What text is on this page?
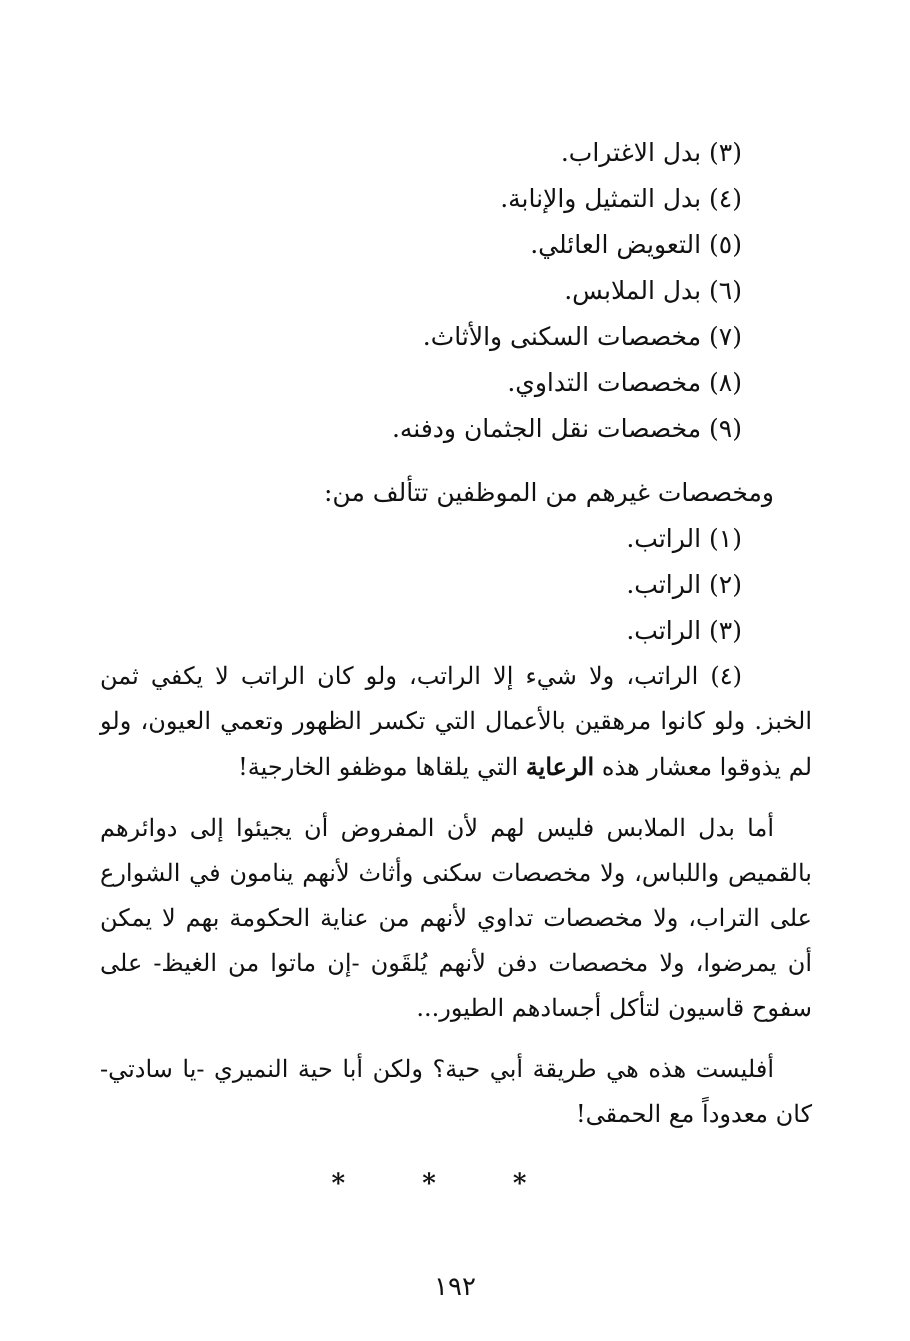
(٣) بدل الاغتراب.
(٤) بدل التمثيل والإنابة.
(٥) التعويض العائلي.
(٦) بدل الملابس.
(٧) مخصصات السكنى والأثاث.
(٨) مخصصات التداوي.
(٩) مخصصات نقل الجثمان ودفنه.
ومخصصات غيرهم من الموظفين تتألف من:
(١) الراتب.
(٢) الراتب.
(٣) الراتب.

(٤) الراتب، ولا شيء إلا الراتب، ولو كان الراتب لا يكفي ثمن الخبز. ولو كانوا مرهقين بالأعمال التي تكسر الظهور وتعمي العيون، ولو لم يذوقوا معشار هذه الرعاية التي يلقاها موظفو الخارجية!

أما بدل الملابس فليس لهم لأن المفروض أن يجيئوا إلى دوائرهم بالقميص واللباس، ولا مخصصات سكنى وأثاث لأنهم ينامون في الشوارع على التراب، ولا مخصصات تداوي لأنهم من عناية الحكومة بهم لا يمكن أن يمرضوا، ولا مخصصات دفن لأنهم يُلقَون -إن ماتوا من الغيظ- على سفوح قاسيون لتأكل أجسادهم الطيور...

أفليست هذه هي طريقة أبي حية؟ ولكن أبا حية النميري -يا سادتي- كان معدوداً مع الحمقى!

* * *
١٩٢
